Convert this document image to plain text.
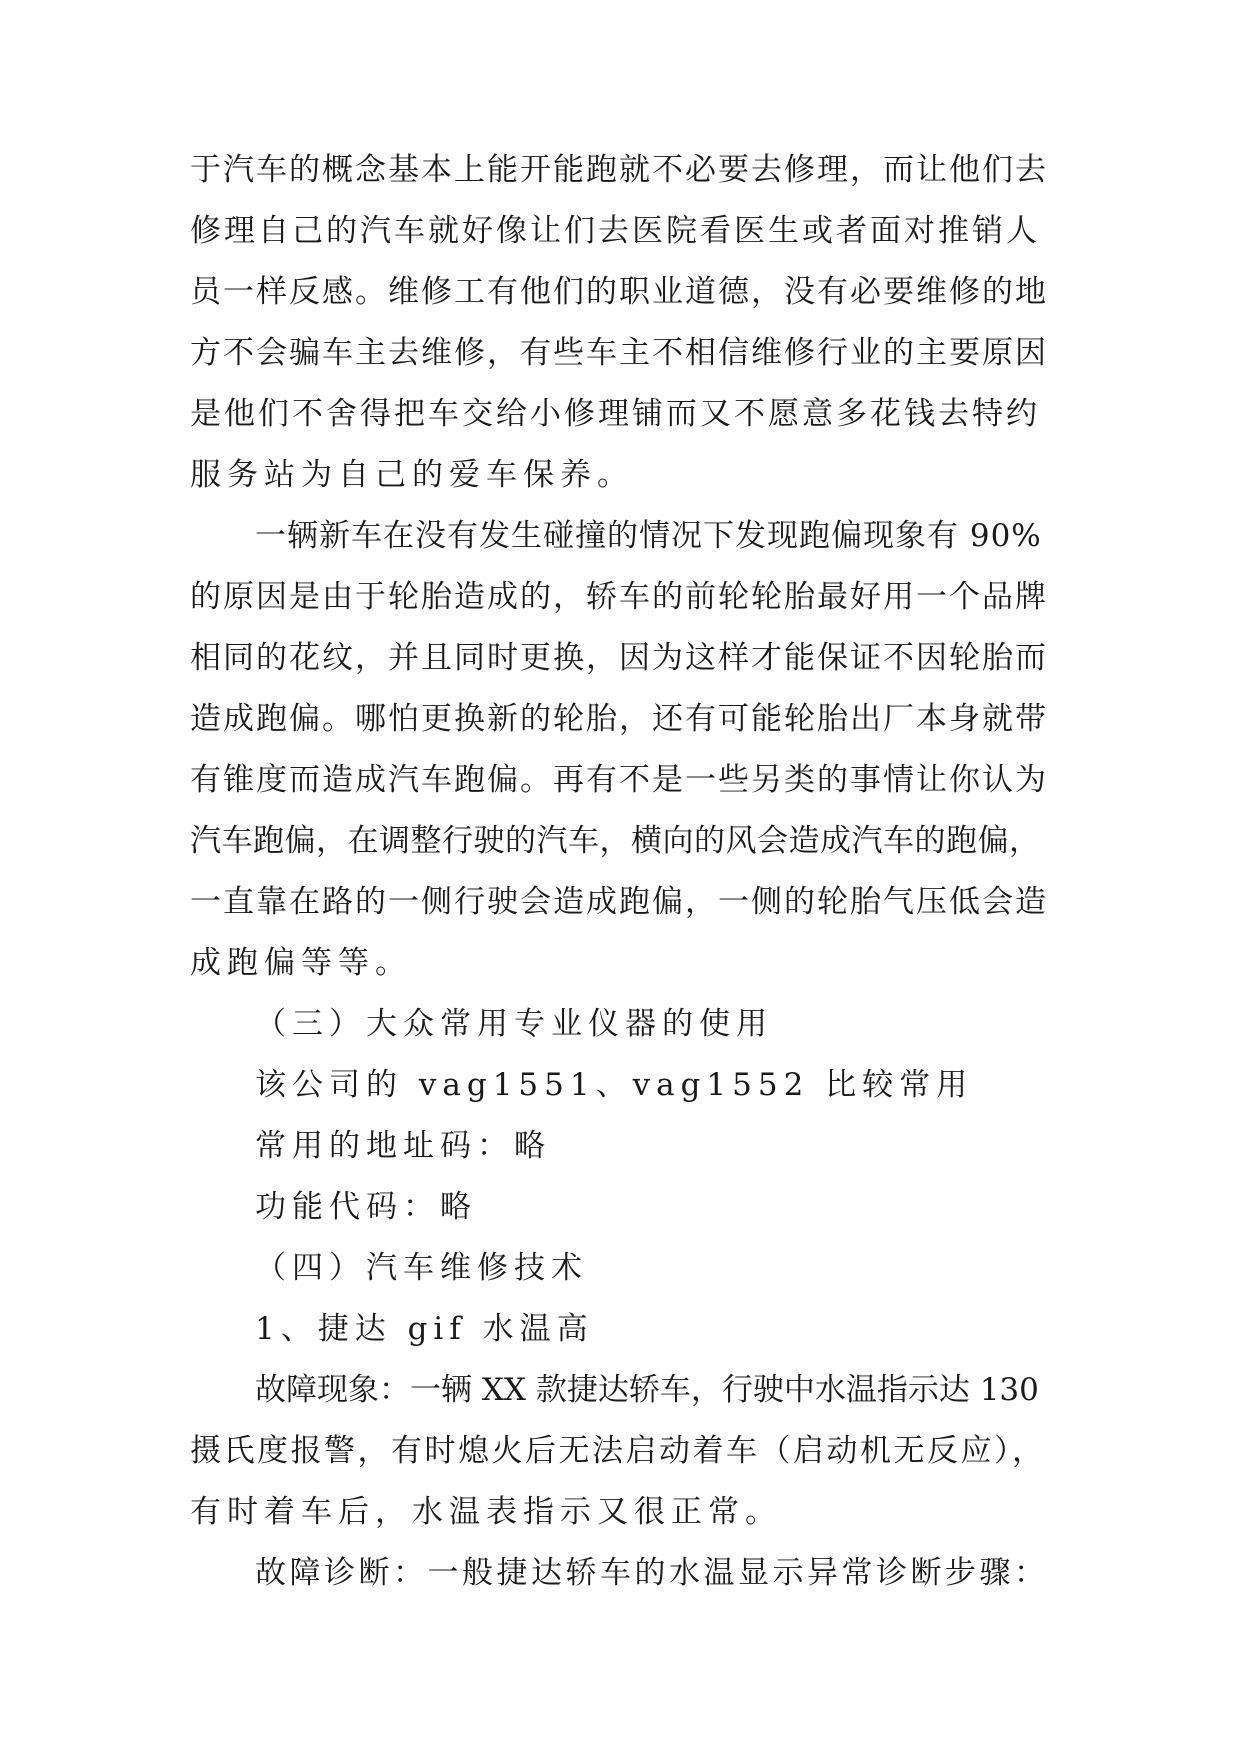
于汽车的概念基本上能开能跑就不必要去修理，而让他们去
修理自己的汽车就好像让们去医院看医生或者面对推销人
员一样反感。维修工有他们的职业道德，没有必要维修的地
方不会骗车主去维修，有些车主不相信维修行业的主要原因
是他们不舍得把车交给小修理铺而又不愿意多花钱去特约
服务站为自己的爱车保养。
一辆新车在没有发生碰撞的情况下发现跑偏现象有 90%
的原因是由于轮胎造成的，轿车的前轮轮胎最好用一个品牌
相同的花纹，并且同时更换，因为这样才能保证不因轮胎而
造成跑偏。哪怕更换新的轮胎，还有可能轮胎出厂本身就带
有锥度而造成汽车跑偏。再有不是一些另类的事情让你认为
汽车跑偏，在调整行驶的汽车，横向的风会造成汽车的跑偏，
一直靠在路的一侧行驶会造成跑偏，一侧的轮胎气压低会造
成跑偏等等。
（三）大众常用专业仪器的使用
该公司的 vag1551、vag1552 比较常用
常用的地址码：略
功能代码：略
（四）汽车维修技术
1、捷达 gif 水温高
故障现象：一辆 XX 款捷达轿车，行驶中水温指示达 130
摄氏度报警，有时熄火后无法启动着车（启动机无反应），
有时着车后，水温表指示又很正常。
故障诊断：一般捷达轿车的水温显示异常诊断步骤：
